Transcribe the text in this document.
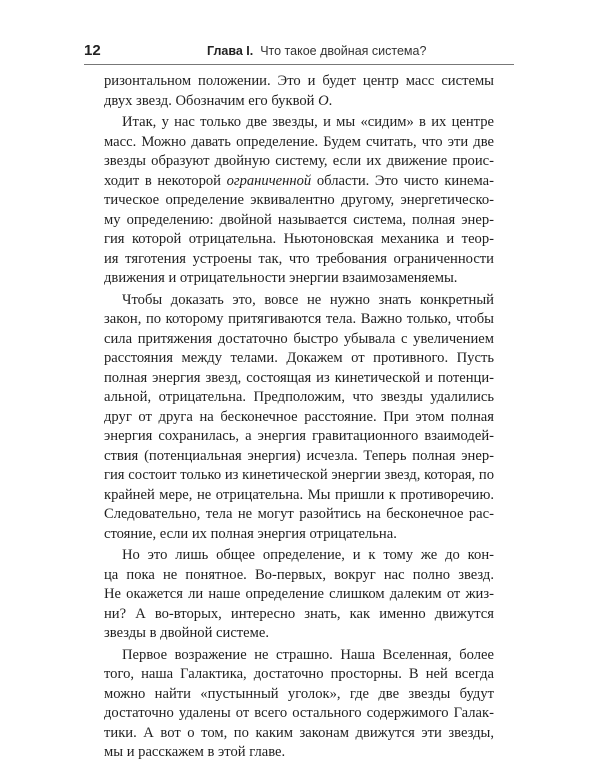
12	Глава I. Что такое двойная система?
ризонтальном положении. Это и будет центр масс системы
двух звезд. Обозначим его буквой O.
Итак, у нас только две звезды, и мы «сидим» в их центре
масс. Можно давать определение. Будем считать, что эти две
звезды образуют двойную систему, если их движение проис-
ходит в некоторой ограниченной области. Это чисто кинема-
тическое определение эквивалентно другому, энергетическо-
му определению: двойной называется система, полная энер-
гия которой отрицательна. Ньютоновская механика и теор-
ия тяготения устроены так, что требования ограниченности
движения и отрицательности энергии взаимозаменяемы.
Чтобы доказать это, вовсе не нужно знать конкретный
закон, по которому притягиваются тела. Важно только, чтобы
сила притяжения достаточно быстро убывала с увеличением
расстояния между телами. Докажем от противного. Пусть
полная энергия звезд, состоящая из кинетической и потенци-
альной, отрицательна. Предположим, что звезды удалились
друг от друга на бесконечное расстояние. При этом полная
энергия сохранилась, а энергия гравитационного взаимодей-
ствия (потенциальная энергия) исчезла. Теперь полная энер-
гия состоит только из кинетической энергии звезд, которая, по
крайней мере, не отрицательна. Мы пришли к противоречию.
Следовательно, тела не могут разойтись на бесконечное рас-
стояние, если их полная энергия отрицательна.
Но это лишь общее определение, и к тому же до кон-
ца пока не понятное. Во-первых, вокруг нас полно звезд.
Не окажется ли наше определение слишком далеким от жиз-
ни? А во-вторых, интересно знать, как именно движутся
звезды в двойной системе.
Первое возражение не страшно. Наша Вселенная, более
того, наша Галактика, достаточно просторны. В ней всегда
можно найти «пустынный уголок», где две звезды будут
достаточно удалены от всего остального содержимого Галак-
тики. А вот о том, по каким законам движутся эти звезды,
мы и расскажем в этой главе.
